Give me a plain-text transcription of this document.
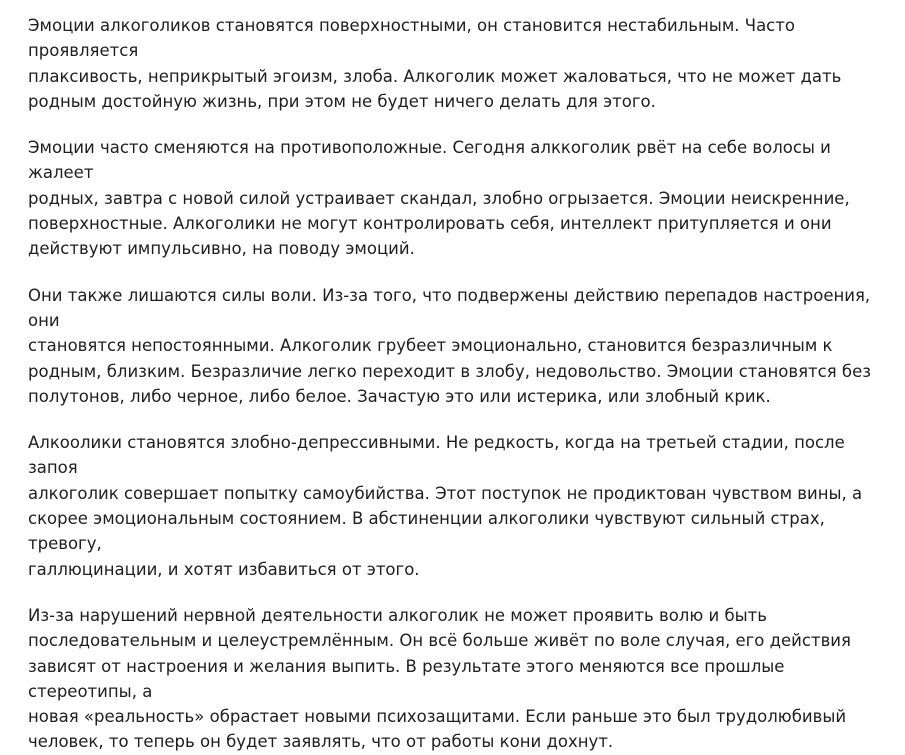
Эмоции алкоголиков становятся поверхностными, он становится нестабильным. Часто проявляется
плаксивость, неприкрытый эгоизм, злоба. Алкоголик может жаловаться, что не может дать
родным достойную жизнь, при этом не будет ничего делать для этого.

Эмоции часто сменяются на противоположные. Сегодня алккоголик рвёт на себе волосы и жалеет
родных, завтра с новой силой устраивает скандал, злобно огрызается. Эмоции неискренние,
поверхностные. Алкоголики не могут контролировать себя, интеллект притупляется и они
действуют импульсивно, на поводу эмоций.

Они также лишаются силы воли. Из-за того, что подвержены действию перепадов настроения, они
становятся непостоянными. Алкоголик грубеет эмоционально, становится безразличным к
родным, близким. Безразличие легко переходит в злобу, недовольство. Эмоции становятся без
полутонов, либо черное, либо белое. Зачастую это или истерика, или злобный крик.

Алкоолики становятся злобно-депрессивными. Не редкость, когда на третьей стадии, после запоя
алкоголик совершает попытку самоубийства. Этот поступок не продиктован чувством вины, а
скорее эмоциональным состоянием. В абстиненции алкоголики чувствуют сильный страх, тревогу,
галлюцинации, и хотят избавиться от этого.

Из-за нарушений нервной деятельности алкоголик не может проявить волю и быть
последовательным и целеустремлённым. Он всё больше живёт по воле случая, его действия
зависят от настроения и желания выпить. В результате этого меняются все прошлые стереотипы, а
новая «реальность» обрастает новыми психозащитами. Если раньше это был трудолюбивый
человек, то теперь он будет заявлять, что от работы кони дохнут.
